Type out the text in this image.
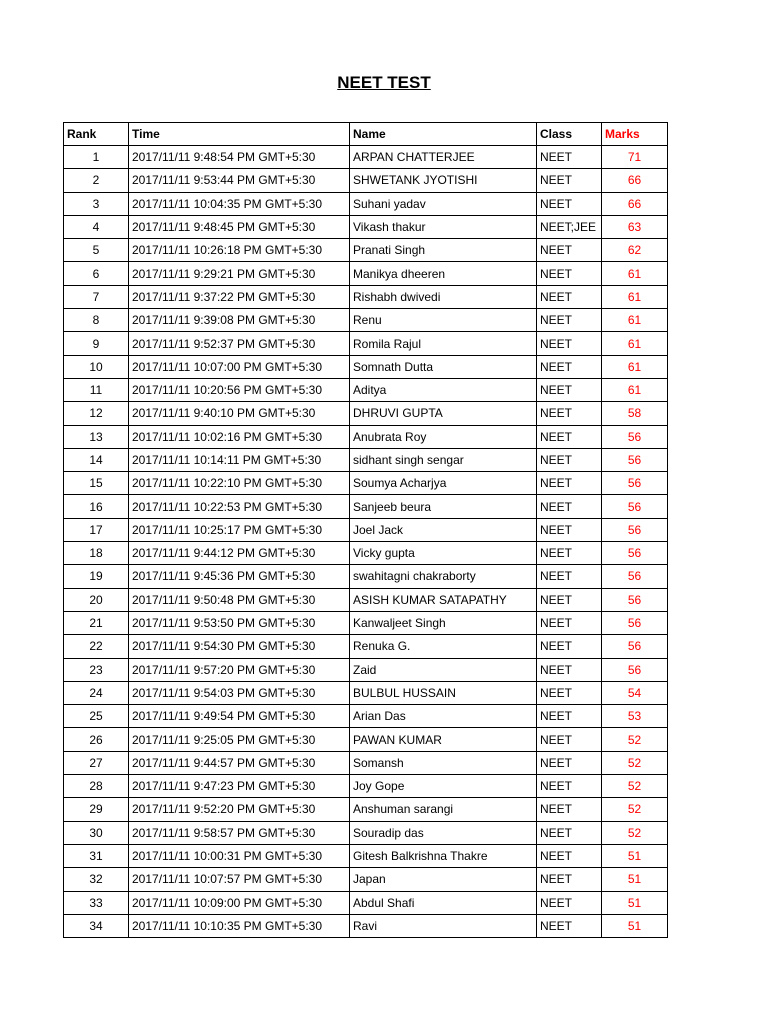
NEET TEST
Rank	Time	Name	Class	Marks
1	2017/11/11 9:48:54 PM GMT+5:30	ARPAN CHATTERJEE	NEET	71
2	2017/11/11 9:53:44 PM GMT+5:30	SHWETANK JYOTISHI	NEET	66
3	2017/11/11 10:04:35 PM GMT+5:30	Suhani yadav	NEET	66
4	2017/11/11 9:48:45 PM GMT+5:30	Vikash thakur	NEET;JEE	63
5	2017/11/11 10:26:18 PM GMT+5:30	Pranati Singh	NEET	62
6	2017/11/11 9:29:21 PM GMT+5:30	Manikya dheeren	NEET	61
7	2017/11/11 9:37:22 PM GMT+5:30	Rishabh dwivedi	NEET	61
8	2017/11/11 9:39:08 PM GMT+5:30	Renu	NEET	61
9	2017/11/11 9:52:37 PM GMT+5:30	Romila Rajul	NEET	61
10	2017/11/11 10:07:00 PM GMT+5:30	Somnath Dutta	NEET	61
11	2017/11/11 10:20:56 PM GMT+5:30	Aditya	NEET	61
12	2017/11/11 9:40:10 PM GMT+5:30	DHRUVI GUPTA	NEET	58
13	2017/11/11 10:02:16 PM GMT+5:30	Anubrata Roy	NEET	56
14	2017/11/11 10:14:11 PM GMT+5:30	sidhant singh sengar	NEET	56
15	2017/11/11 10:22:10 PM GMT+5:30	Soumya Acharjya	NEET	56
16	2017/11/11 10:22:53 PM GMT+5:30	Sanjeeb beura	NEET	56
17	2017/11/11 10:25:17 PM GMT+5:30	Joel Jack	NEET	56
18	2017/11/11 9:44:12 PM GMT+5:30	Vicky gupta	NEET	56
19	2017/11/11 9:45:36 PM GMT+5:30	swahitagni chakraborty	NEET	56
20	2017/11/11 9:50:48 PM GMT+5:30	ASISH KUMAR SATAPATHY	NEET	56
21	2017/11/11 9:53:50 PM GMT+5:30	Kanwaljeet Singh	NEET	56
22	2017/11/11 9:54:30 PM GMT+5:30	Renuka G.	NEET	56
23	2017/11/11 9:57:20 PM GMT+5:30	Zaid	NEET	56
24	2017/11/11 9:54:03 PM GMT+5:30	BULBUL HUSSAIN	NEET	54
25	2017/11/11 9:49:54 PM GMT+5:30	Arian Das	NEET	53
26	2017/11/11 9:25:05 PM GMT+5:30	PAWAN KUMAR	NEET	52
27	2017/11/11 9:44:57 PM GMT+5:30	Somansh	NEET	52
28	2017/11/11 9:47:23 PM GMT+5:30	Joy Gope	NEET	52
29	2017/11/11 9:52:20 PM GMT+5:30	Anshuman sarangi	NEET	52
30	2017/11/11 9:58:57 PM GMT+5:30	Souradip das	NEET	52
31	2017/11/11 10:00:31 PM GMT+5:30	Gitesh Balkrishna Thakre	NEET	51
32	2017/11/11 10:07:57 PM GMT+5:30	Japan	NEET	51
33	2017/11/11 10:09:00 PM GMT+5:30	Abdul Shafi	NEET	51
34	2017/11/11 10:10:35 PM GMT+5:30	Ravi	NEET	51
